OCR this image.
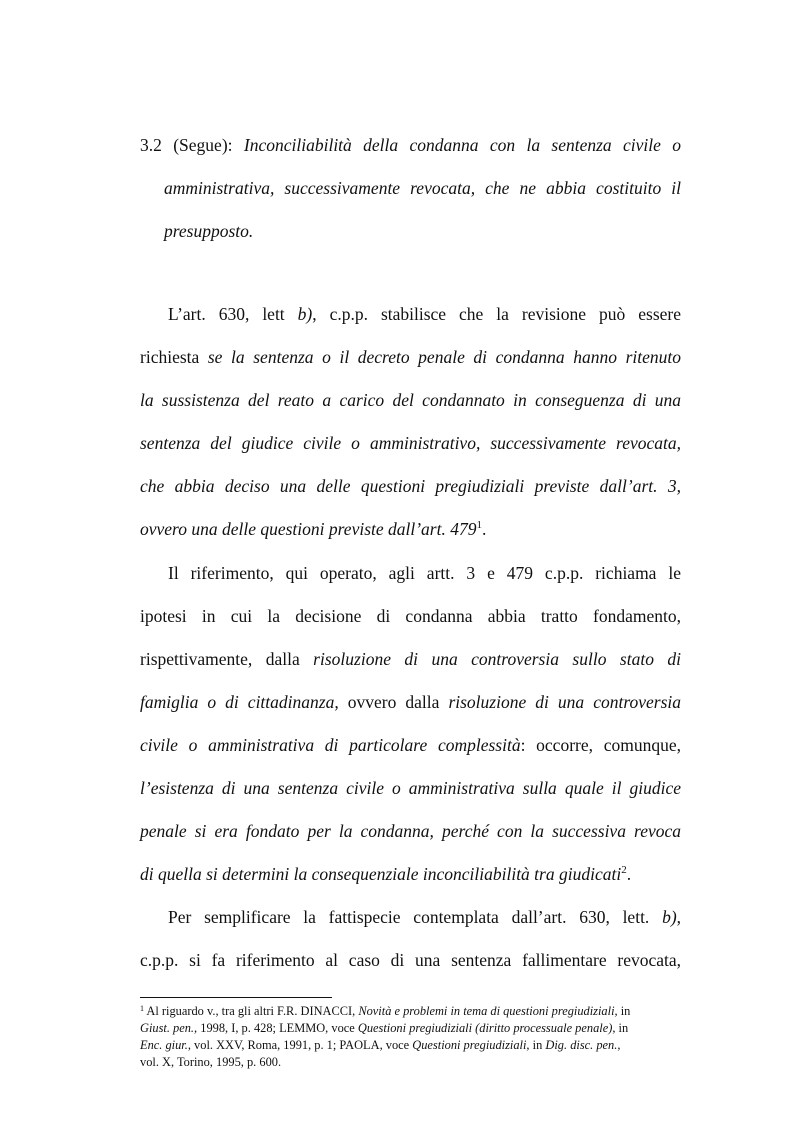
3.2 (Segue): Inconciliabilità della condanna con la sentenza civile o
amministrativa, successivamente revocata, che ne abbia costituito il
presupposto.
L’art. 630, lett b), c.p.p. stabilisce che la revisione può essere
richiesta se la sentenza o il decreto penale di condanna hanno ritenuto
la sussistenza del reato a carico del condannato in conseguenza di una
sentenza del giudice civile o amministrativo, successivamente revocata,
che abbia deciso una delle questioni pregiudiziali previste dall’art. 3,
ovvero una delle questioni previste dall’art. $479^1$.
Il riferimento, qui operato, agli artt. 3 e 479 c.p.p. richiama le
ipotesi in cui la decisione di condanna abbia tratto fondamento,
rispettivamente, dalla risoluzione di una controversia sullo stato di
famiglia o di cittadinanza, ovvero dalla risoluzione di una controversia
civile o amministrativa di particolare complessità: occorre, comunque,
l’esistenza di una sentenza civile o amministrativa sulla quale il giudice
penale si era fondato per la condanna, perché con la successiva revoca
di quella si determini la consequenziale inconciliabilità tra giudicati$^2$.
Per semplificare la fattispecie contemplata dall’art. 630, lett. b),
c.p.p. si fa riferimento al caso di una sentenza fallimentare revocata,
$^1$ Al riguardo v., tra gli altri F.R. DINACCI, Novità e problemi in tema di questioni pregiudiziali, in
Giust. pen., 1998, I, p. 428; LEMMO, voce Questioni pregiudiziali (diritto processuale penale), in
Enc. giur., vol. XXV, Roma, 1991, p. 1; PAOLA, voce Questioni pregiudiziali, in Dig. disc. pen.,
vol. X, Torino, 1995, p. 600.
